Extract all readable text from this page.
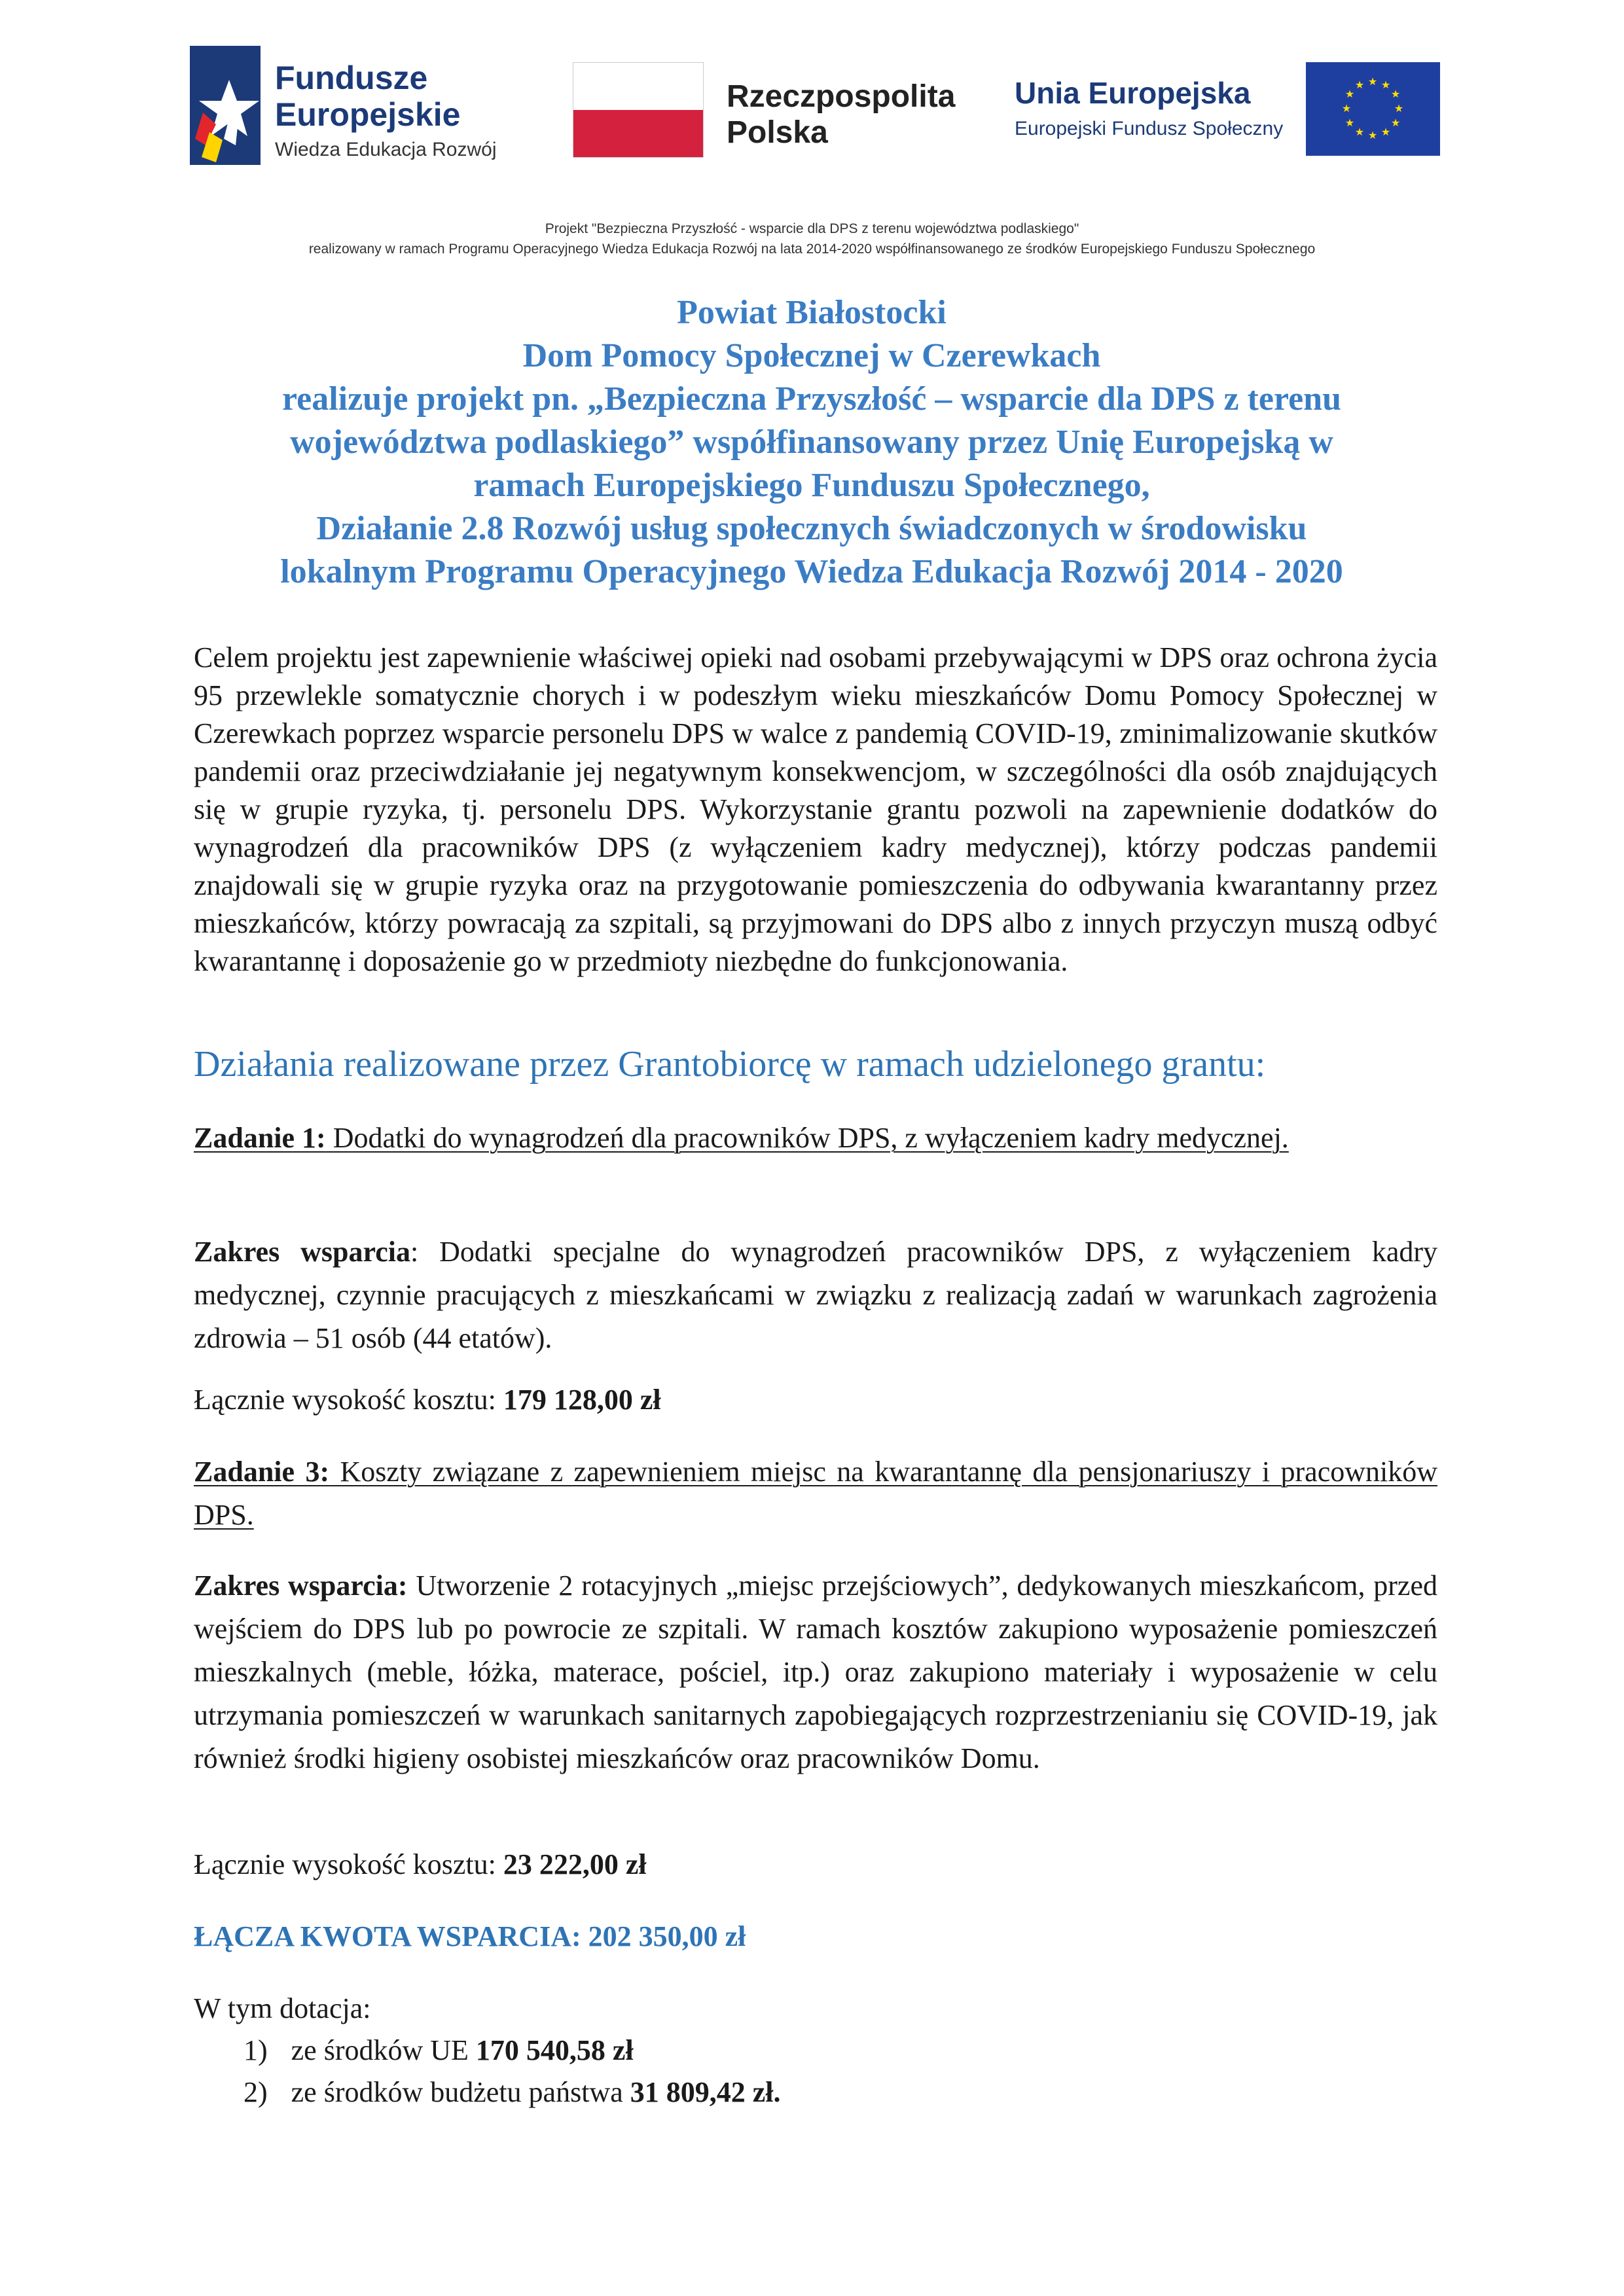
Fundusze
Europejskie
Wiedza Edukacja Rozwój
Rzeczpospolita
Polska
Unia Europejska
Europejski Fundusz Społeczny
★ ★
★
★
★
★
★
★
★
★
★
★
Projekt "Bezpieczna Przyszłość - wsparcie dla DPS z terenu województwa podlaskiego"
realizowany w ramach Programu Operacyjnego Wiedza Edukacja Rozwój na lata 2014-2020 współfinansowanego ze środków Europejskiego Funduszu Społecznego
Powiat Białostocki
Dom Pomocy Społecznej w Czerewkach
realizuje projekt pn. „Bezpieczna Przyszłość – wsparcie dla DPS z terenu
województwa podlaskiego” współfinansowany przez Unię Europejską w
ramach Europejskiego Funduszu Społecznego,
Działanie 2.8 Rozwój usług społecznych świadczonych w środowisku
lokalnym Programu Operacyjnego Wiedza Edukacja Rozwój 2014 - 2020
Celem projektu jest zapewnienie właściwej opieki nad osobami przebywającymi w DPS oraz ochrona życia 95 przewlekle somatycznie chorych i w podeszłym wieku mieszkańców Domu Pomocy Społecznej w Czerewkach poprzez wsparcie personelu DPS w walce z pandemią COVID-19, zminimalizowanie skutków pandemii oraz przeciwdziałanie jej negatywnym konsekwencjom, w szczególności dla osób znajdujących się w grupie ryzyka, tj. personelu DPS. Wykorzystanie grantu pozwoli na zapewnienie dodatków do wynagrodzeń dla pracowników DPS (z wyłączeniem kadry medycznej), którzy podczas pandemii znajdowali się w grupie ryzyka oraz na przygotowanie pomieszczenia do odbywania kwarantanny przez mieszkańców, którzy powracają za szpitali, są przyjmowani do DPS albo z innych przyczyn muszą odbyć kwarantannę i doposażenie go w przedmioty niezbędne do funkcjonowania.
Działania realizowane przez Grantobiorcę w ramach udzielonego grantu:
Zadanie 1: Dodatki do wynagrodzeń dla pracowników DPS, z wyłączeniem kadry medycznej.
Zakres wsparcia: Dodatki specjalne do wynagrodzeń pracowników DPS, z wyłączeniem kadry medycznej, czynnie pracujących z mieszkańcami w związku z realizacją zadań w warunkach zagrożenia zdrowia – 51 osób (44 etatów).
Łącznie wysokość kosztu: 179 128,00 zł
Zadanie 3: Koszty związane z zapewnieniem miejsc na kwarantannę dla pensjonariuszy i pracowników DPS.
Zakres wsparcia: Utworzenie 2 rotacyjnych „miejsc przejściowych”, dedykowanych mieszkańcom, przed wejściem do DPS lub po powrocie ze szpitali. W ramach kosztów zakupiono wyposażenie pomieszczeń mieszkalnych (meble, łóżka, materace, pościel, itp.) oraz zakupiono materiały i wyposażenie w celu utrzymania pomieszczeń w warunkach sanitarnych zapobiegających rozprzestrzenianiu się COVID-19, jak również środki higieny osobistej mieszkańców oraz pracowników Domu.
Łącznie wysokość kosztu: 23 222,00 zł
ŁĄCZA KWOTA WSPARCIA: 202 350,00 zł
W tym dotacja:
1) ze środków UE 170 540,58 zł
2) ze środków budżetu państwa 31 809,42 zł.
